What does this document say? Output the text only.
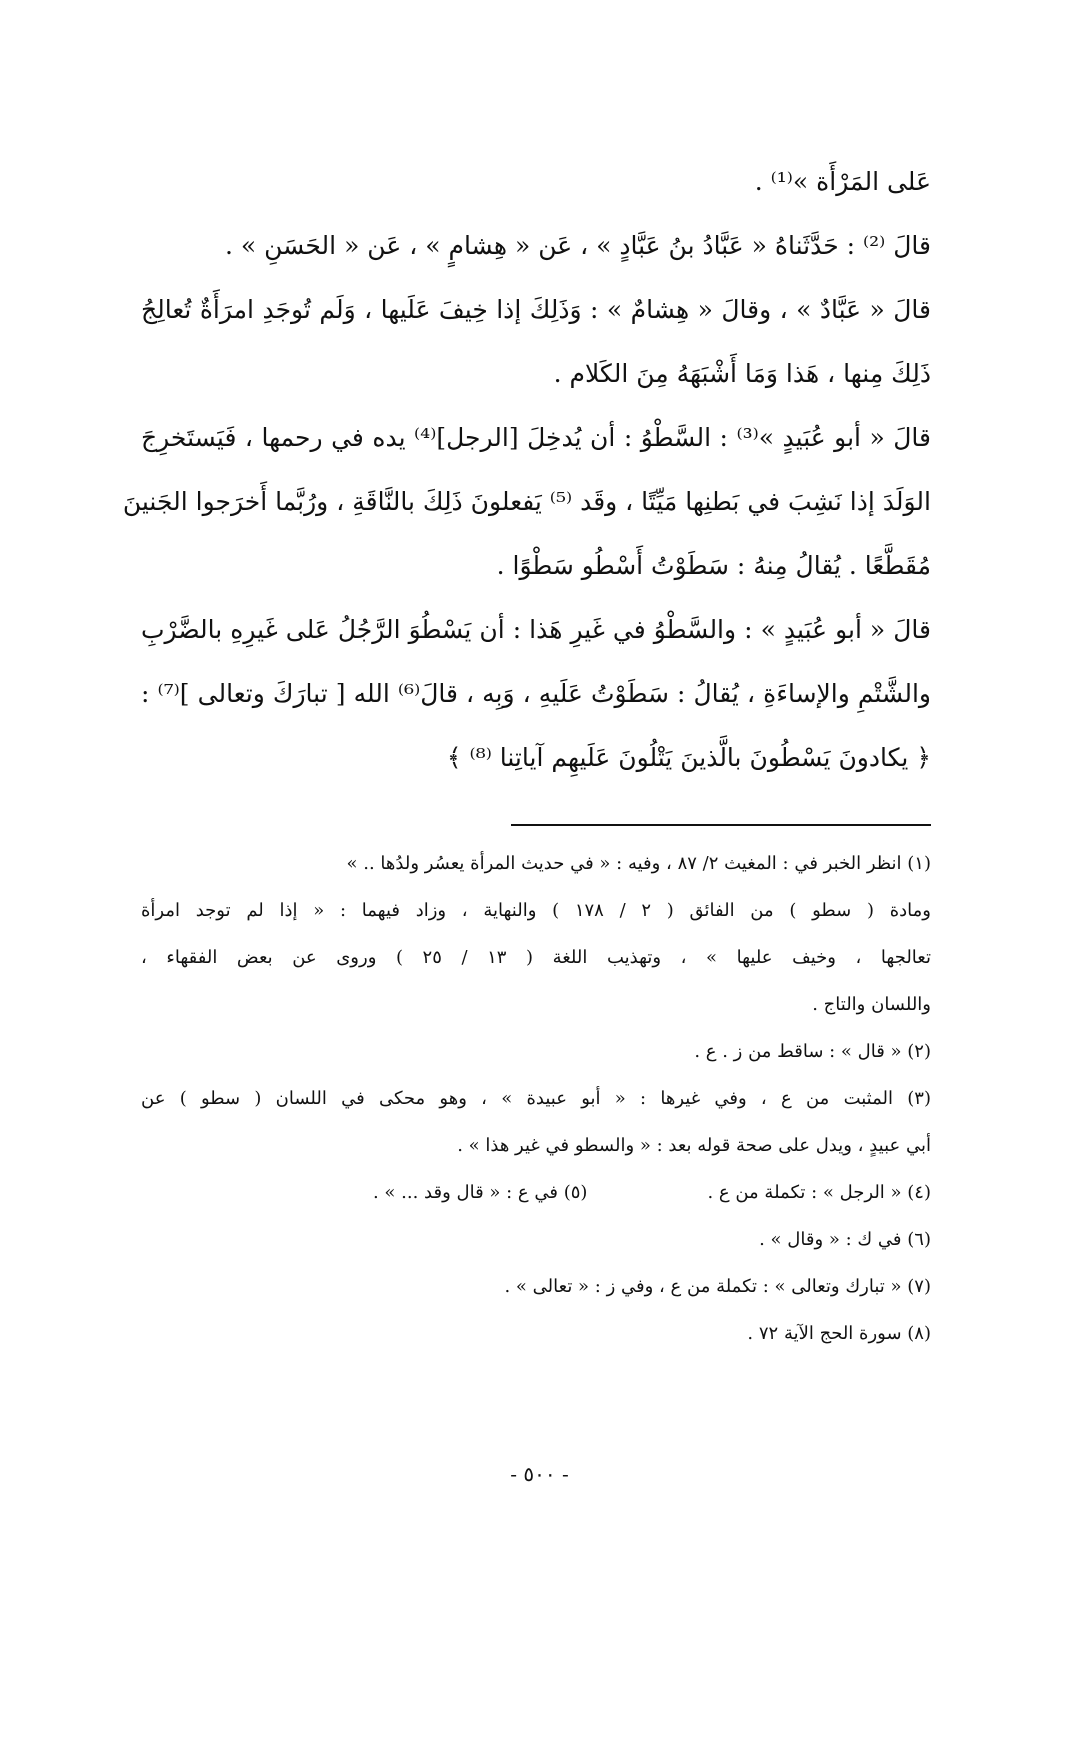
عَلى المَرْأَة »⁽¹⁾ .
قالَ ⁽²⁾ : حَدَّثَناهُ « عَبَّادُ بنُ عَبَّادٍ » ، عَن « هِشامٍ » ، عَن « الحَسَنِ » .
قالَ « عَبَّادٌ » ، وقالَ « هِشامٌ » : وَذَلِكَ إذا خِيفَ عَلَيها ، وَلَم تُوجَدِ امرَأَةٌ تُعالِجُ
ذَلِكَ مِنها ، هَذا وَمَا أَشْبَهَهُ مِنَ الكَلام .
قالَ « أبو عُبَيدٍ »⁽³⁾ : السَّطْوُ : أن يُدخِلَ [الرجل]⁽⁴⁾ يده في رحمها ، فَيَستَخرِجَ
الوَلَدَ إذا نَشِبَ في بَطنِها مَيِّتًا ، وقَد ⁽⁵⁾ يَفعلونَ ذَلِكَ بالنَّاقَةِ ، ورُبَّما أَخرَجوا الجَنينَ
مُقَطَّعًا . يُقالُ مِنهُ : سَطَوْتُ أَسْطُو سَطْوًا .
قالَ « أبو عُبَيدٍ » : والسَّطْوُ في غَيرِ هَذا : أن يَسْطُوَ الرَّجُلُ عَلى غَيرِهِ بالضَّرْبِ
والشَّتْمِ والإساءَةِ ، يُقالُ : سَطَوْتُ عَلَيهِ ، وَبِه ، قالَ⁽⁶⁾ الله [ تبارَكَ وتعالى ]⁽⁷⁾ :
﴿ يكادونَ يَسْطُونَ بالَّذينَ يَتْلُونَ عَلَيهِم آياتِنا ⁽⁸⁾ ﴾
(١) انظر الخبر في : المغيث ٢/ ٨٧ ، وفيه : « في حديث المرأة يعسُر ولدُها .. »
ومادة ( سطو ) من الفائق ( ٢ / ١٧٨ ) والنهاية ، وزاد فيهما : « إذا لم توجد امرأة
تعالجها ، وخيف عليها » ، وتهذيب اللغة ( ١٣ / ٢٥ ) وروى عن بعض الفقهاء ،
واللسان والتاج .
(٢) « قال » : ساقط من ز . ع .
(٣) المثبت من ع ، وفي غيرها : « أبو عبيدة » ، وهو محكى في اللسان ( سطو ) عن
أبي عبيدٍ ، ويدل على صحة قوله بعد : « والسطو في غير هذا » .
(٤) « الرجل » : تكملة من ع .
(٥) في ع : « قال وقد ... » .
(٦) في ك : « وقال » .
(٧) « تبارك وتعالى » : تكملة من ع ، وفي ز : « تعالى » .
(٨) سورة الحج الآية ٧٢ .
- ٥٠٠ -
